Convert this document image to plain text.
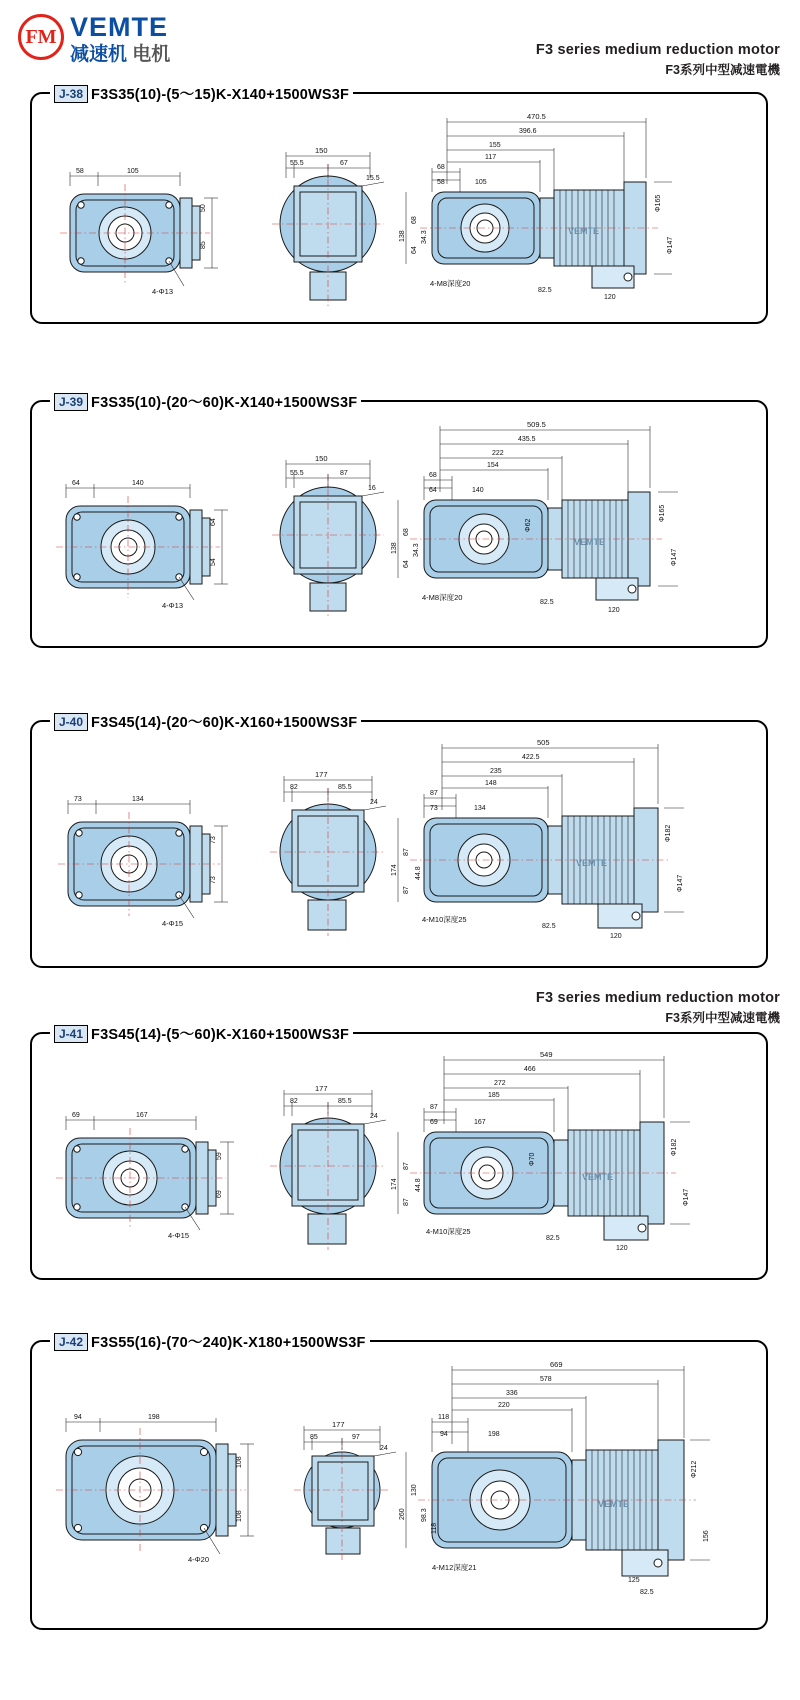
FM VEMTE
减速机 电机	F3 series medium reduction motor
F3系列中型减速電機
F3 series medium reduction motor
F3系列中型减速電機
J-38 F3S35(10)-(5～15)K-X140+1500WS3F
58	105
50
85
4-Φ13
150
55.5	67
15.5
VEMTE
470.5
396.6
155
117
68
58	105
138
68
64
34.3
4-M8深度20
Φ165
Φ147
82.5
120
J-39 F3S35(10)-(20～60)K-X140+1500WS3F
64	140
64
54
4-Φ13
150
55.5	87
16
VEMTE
509.5
435.5
222
154
68
64	140
138
68
64
34.3
4-M8深度20
Φ165
Φ147
82.5
120
Φ62
J-40 F3S45(14)-(20～60)K-X160+1500WS3F
73	134
73
73
4-Φ15
177
82	85.5
24
VEMTE
505
422.5
235
148
87
73	134
174
87
87
44.8
4-M10深度25
Φ182
Φ147
82.5
120
J-41 F3S45(14)-(5～60)K-X160+1500WS3F
69	167
59
69
4-Φ15
177
82	85.5
24
VEMTE
549
466
272
185
87
69	167
174
87
87
44.8
4-M10深度25
Φ182
Φ147
Φ70
82.5
120
J-42 F3S55(16)-(70～240)K-X180+1500WS3F
94	198
108
108
4-Φ20
177
85	97
24
VEMTE
669
578
336
220
118
94	198
260
130
98.3
118
4-M12深度21
Φ212
156
125
82.5
